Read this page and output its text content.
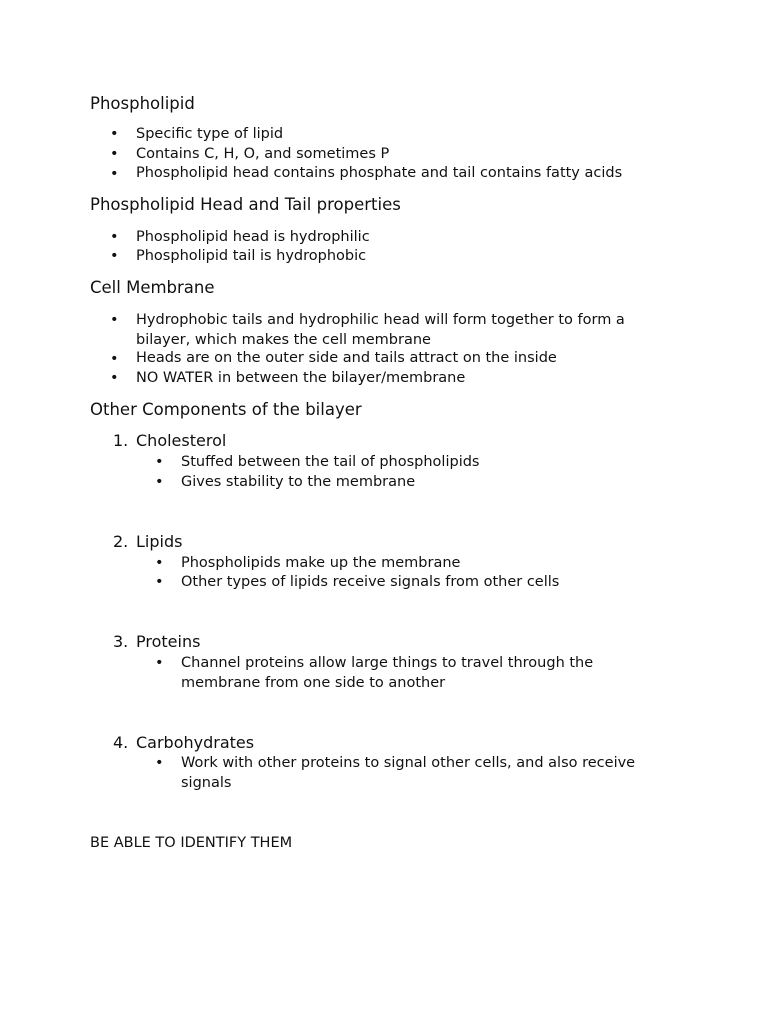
Phospholipid
• Specific type of lipid
• Contains C, H, O, and sometimes P
• Phospholipid head contains phosphate and tail contains fatty acids
Phospholipid Head and Tail properties
• Phospholipid head is hydrophilic
• Phospholipid tail is hydrophobic
Cell Membrane
• Hydrophobic tails and hydrophilic head will form together to form a bilayer, which makes the cell membrane
• Heads are on the outer side and tails attract on the inside
• NO WATER in between the bilayer/membrane
Other Components of the bilayer
1. Cholesterol
• Stuffed between the tail of phospholipids
• Gives stability to the membrane
2. Lipids
• Phospholipids make up the membrane
• Other types of lipids receive signals from other cells
3. Proteins
• Channel proteins allow large things to travel through the membrane from one side to another
4. Carbohydrates
• Work with other proteins to signal other cells, and also receive signals
BE ABLE TO IDENTIFY THEM
